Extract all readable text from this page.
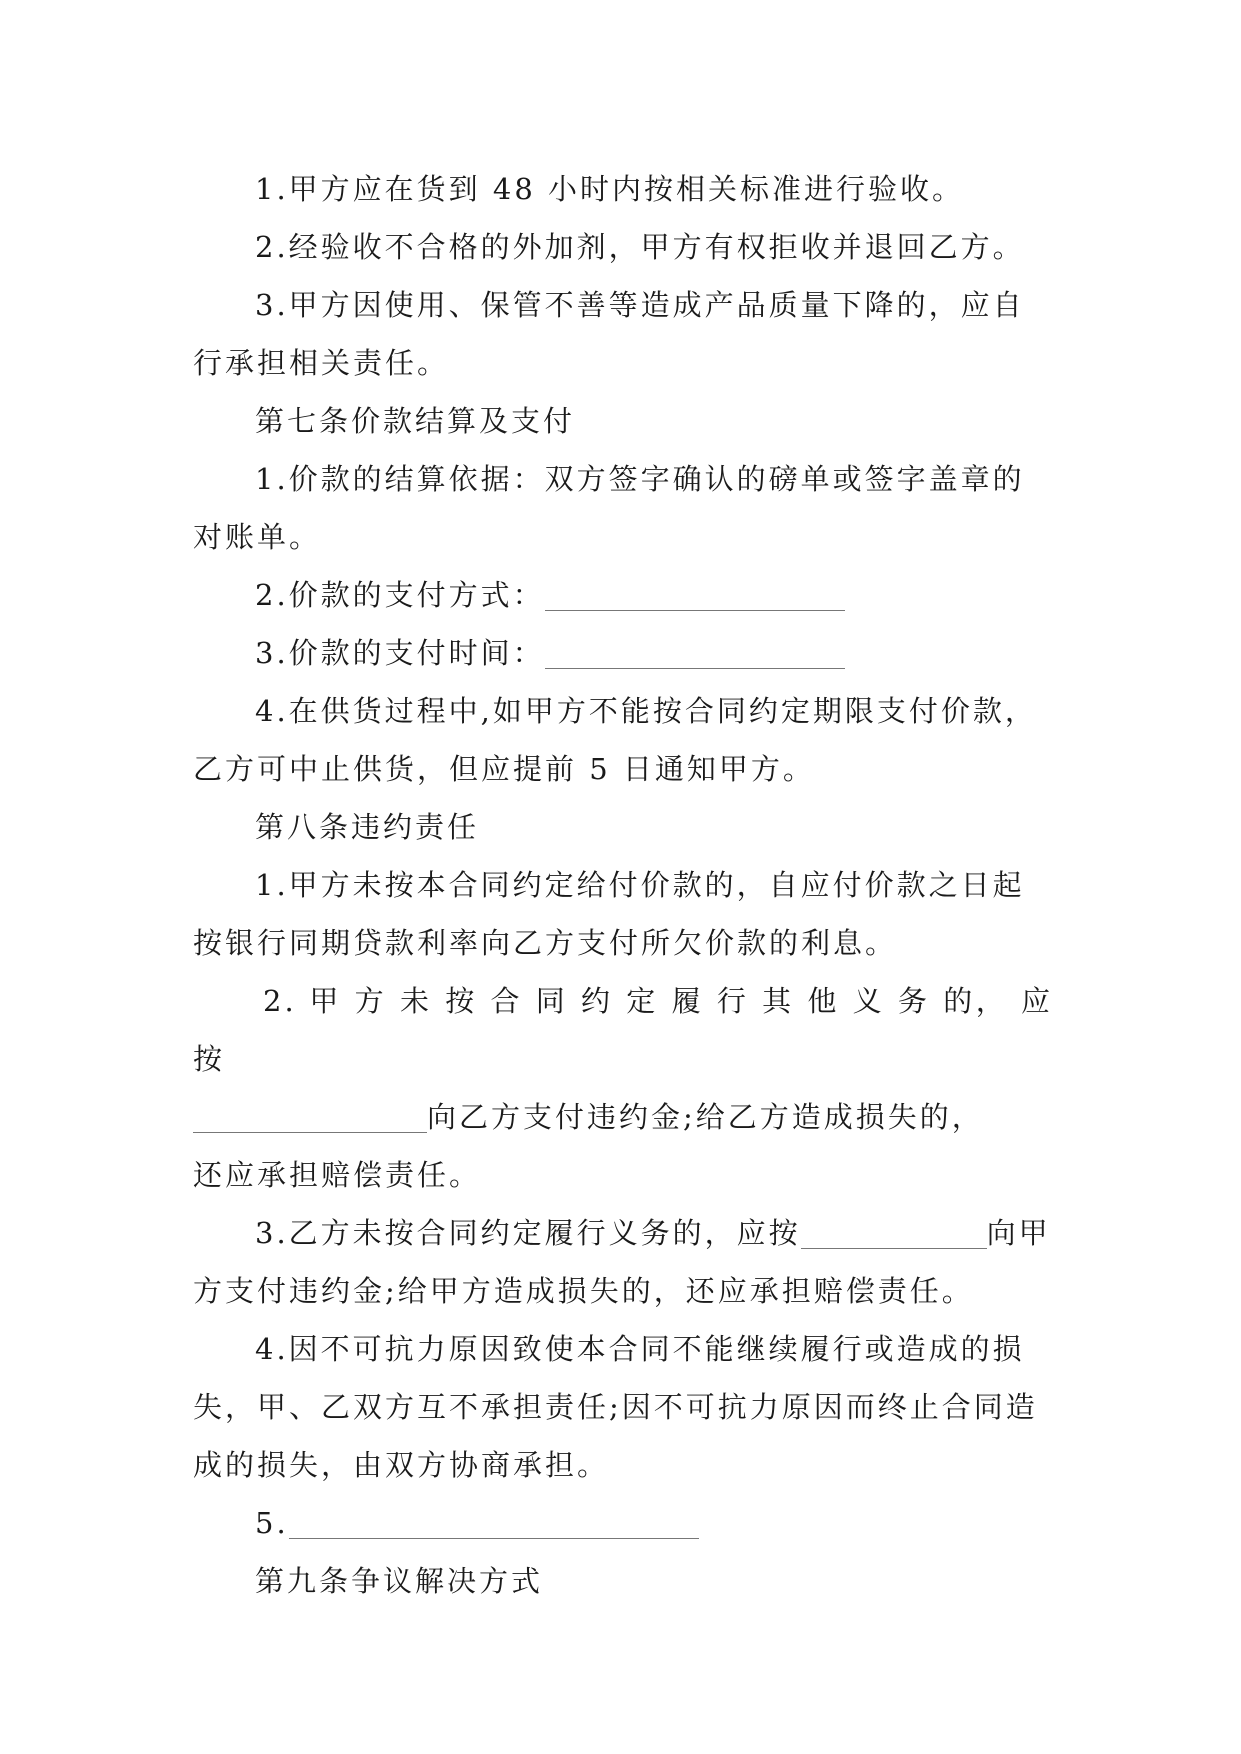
1.甲方应在货到 48 小时内按相关标准进行验收。

2.经验收不合格的外加剂，甲方有权拒收并退回乙方。

3.甲方因使用、保管不善等造成产品质量下降的，应自行承担相关责任。

第七条价款结算及支付

1.价款的结算依据：双方签字确认的磅单或签字盖章的对账单。

2.价款的支付方式：

3.价款的支付时间：

4.在供货过程中,如甲方不能按合同约定期限支付价款，乙方可中止供货，但应提前 5 日通知甲方。

第八条违约责任

1.甲方未按本合同约定给付价款的，自应付价款之日起按银行同期贷款利率向乙方支付所欠价款的利息。

2. 甲 方 未 按 合 同 约 定 履 行 其 他 义 务 的， 应 按

向乙方支付违约金;给乙方造成损失的，

还应承担赔偿责任。

3.乙方未按合同约定履行义务的，应按	向甲方支付违约金;给甲方造成损失的，还应承担赔偿责任。

4.因不可抗力原因致使本合同不能继续履行或造成的损失，甲、乙双方互不承担责任;因不可抗力原因而终止合同造成的损失，由双方协商承担。

5.

第九条争议解决方式
